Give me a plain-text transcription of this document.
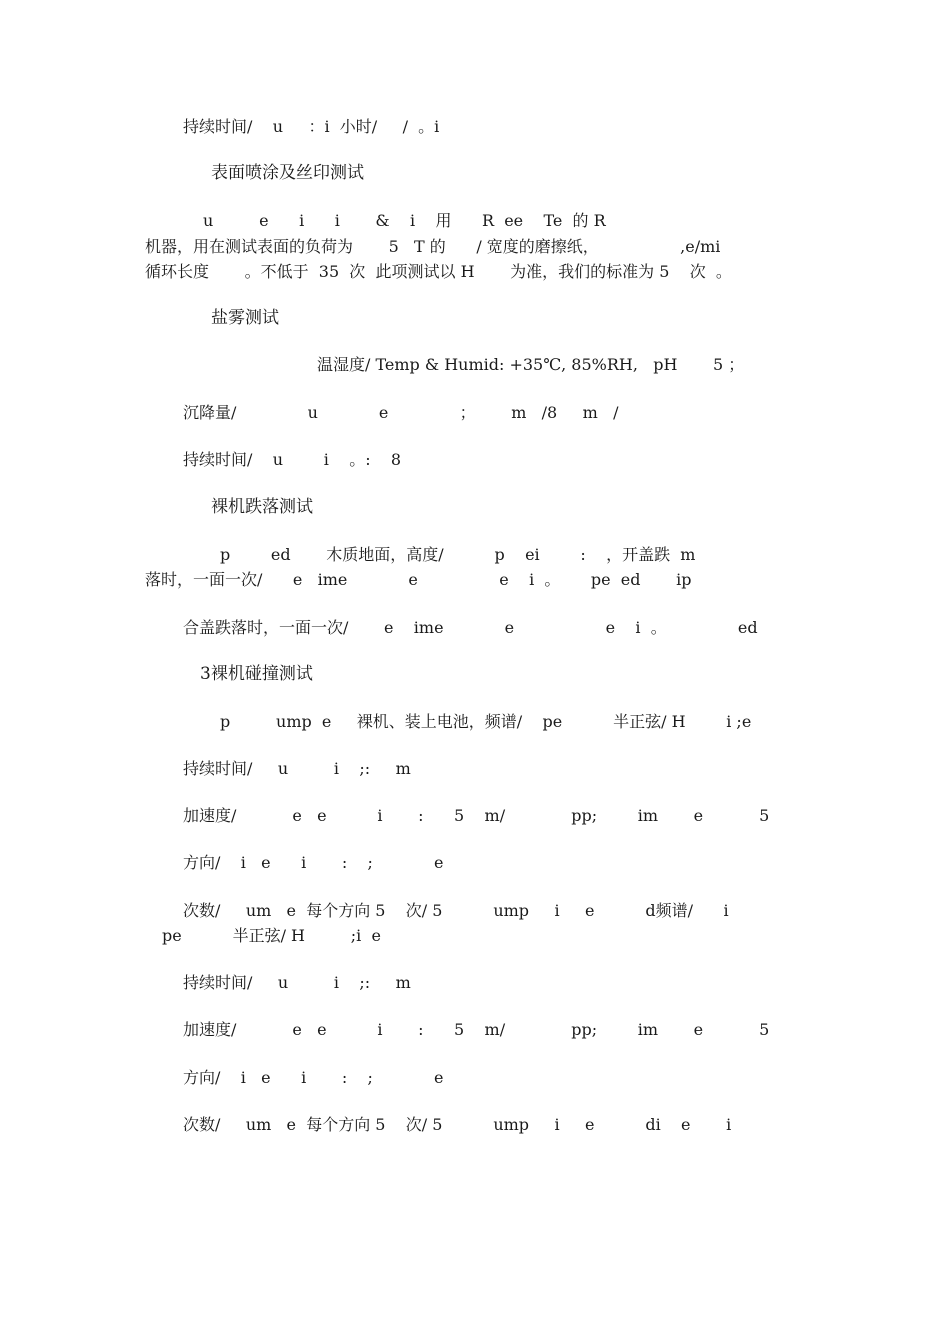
持续时间/    u     ：i  小时/     /  。i
表面喷涂及丝印测试
u         e      i      i       &    i    用      R  ee    Te  的 R
机器，用在测试表面的负荷为       5   T 的      / 宽度的磨擦纸，                ,e/mi
循环长度       。不低于  35  次  此项测试以 H       为准，我们的标准为 5    次  。
盐雾测试
温湿度/ Temp & Humid: +35℃, 85%RH,   pH       5 ；
沉降量/              u            e              ；       m   /8     m   /
持续时间/    u        i    。:    8
裸机跌落测试
p        ed       木质地面，高度/          p    ei        :    ，开盖跌  m
落时，一面一次/      e   ime            e                e    i  。      pe  ed       ip
合盖跌落时，一面一次/       e    ime            e                  e    i  。              ed
3裸机碰撞测试
p         ump  e     裸机、装上电池，频谱/    pe          半正弦/ H        i ;e
持续时间/     u         i    ;:     m
加速度/           e   e          i       :      5    m/             pp;        im       e           5
方向/    i   e      i       :    ;            e
次数/     um   e  每个方向 5    次/ 5          ump     i     e          d频谱/      i
pe          半正弦/ H         ;i  e
持续时间/     u         i    ;:     m
加速度/           e   e          i       :      5    m/             pp;        im       e           5
方向/    i   e      i       :    ;            e
次数/     um   e  每个方向 5    次/ 5          ump     i     e          di    e       i
